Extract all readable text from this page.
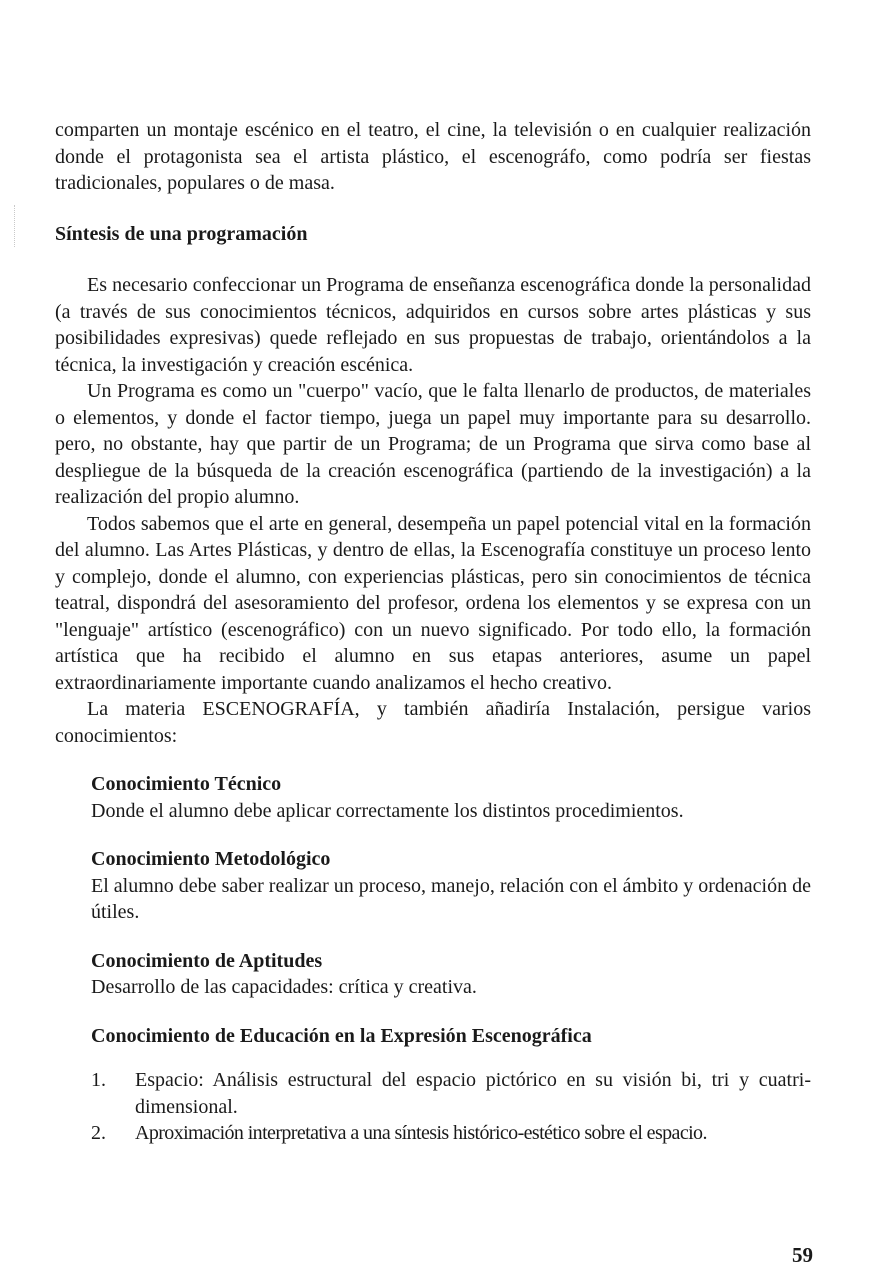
comparten un montaje escénico en el teatro, el cine, la televisión o en cualquier realización donde el protagonista sea el artista plástico, el escenográfo, como podría ser fiestas tradicionales, populares o de masa.

Síntesis de una programación

Es necesario confeccionar un Programa de enseñanza escenográfica donde la personalidad (a través de sus conocimientos técnicos, adquiridos en cursos sobre artes plásticas y sus posibilidades expresivas) quede reflejado en sus propuestas de trabajo, orientándolos a la técnica, la investigación y creación escénica.

Un Programa es como un "cuerpo" vacío, que le falta llenarlo de productos, de materiales o elementos, y donde el factor tiempo, juega un papel muy importante para su desarrollo. pero, no obstante, hay que partir de un Programa; de un Programa que sirva como base al despliegue de la búsqueda de la creación escenográfica (partiendo de la investigación) a la realización del propio alumno.

Todos sabemos que el arte en general, desempeña un papel potencial vital en la formación del alumno. Las Artes Plásticas, y dentro de ellas, la Escenografía constituye un proceso lento y complejo, donde el alumno, con experiencias plásticas, pero sin conocimientos de técnica teatral, dispondrá del asesoramiento del profesor, ordena los elementos y se expresa con un "lenguaje" artístico (escenográfico) con un nuevo significado. Por todo ello, la formación artística que ha recibido el alumno en sus etapas anteriores, asume un papel extraordinariamente importante cuando analizamos el hecho creativo.

La materia ESCENOGRAFÍA, y también añadiría Instalación, persigue varios conocimientos:

Conocimiento Técnico

Donde el alumno debe aplicar correctamente los distintos procedimientos.

Conocimiento Metodológico

El alumno debe saber realizar un proceso, manejo, relación con el ámbito y ordenación de útiles.

Conocimiento de Aptitudes

Desarrollo de las capacidades: crítica y creativa.

Conocimiento de Educación en la Expresión Escenográfica

1.	Espacio: Análisis estructural del espacio pictórico en su visión bi, tri y cuatri-dimensional.
2.	Aproximación interpretativa a una síntesis histórico-estético sobre el espacio.
59
